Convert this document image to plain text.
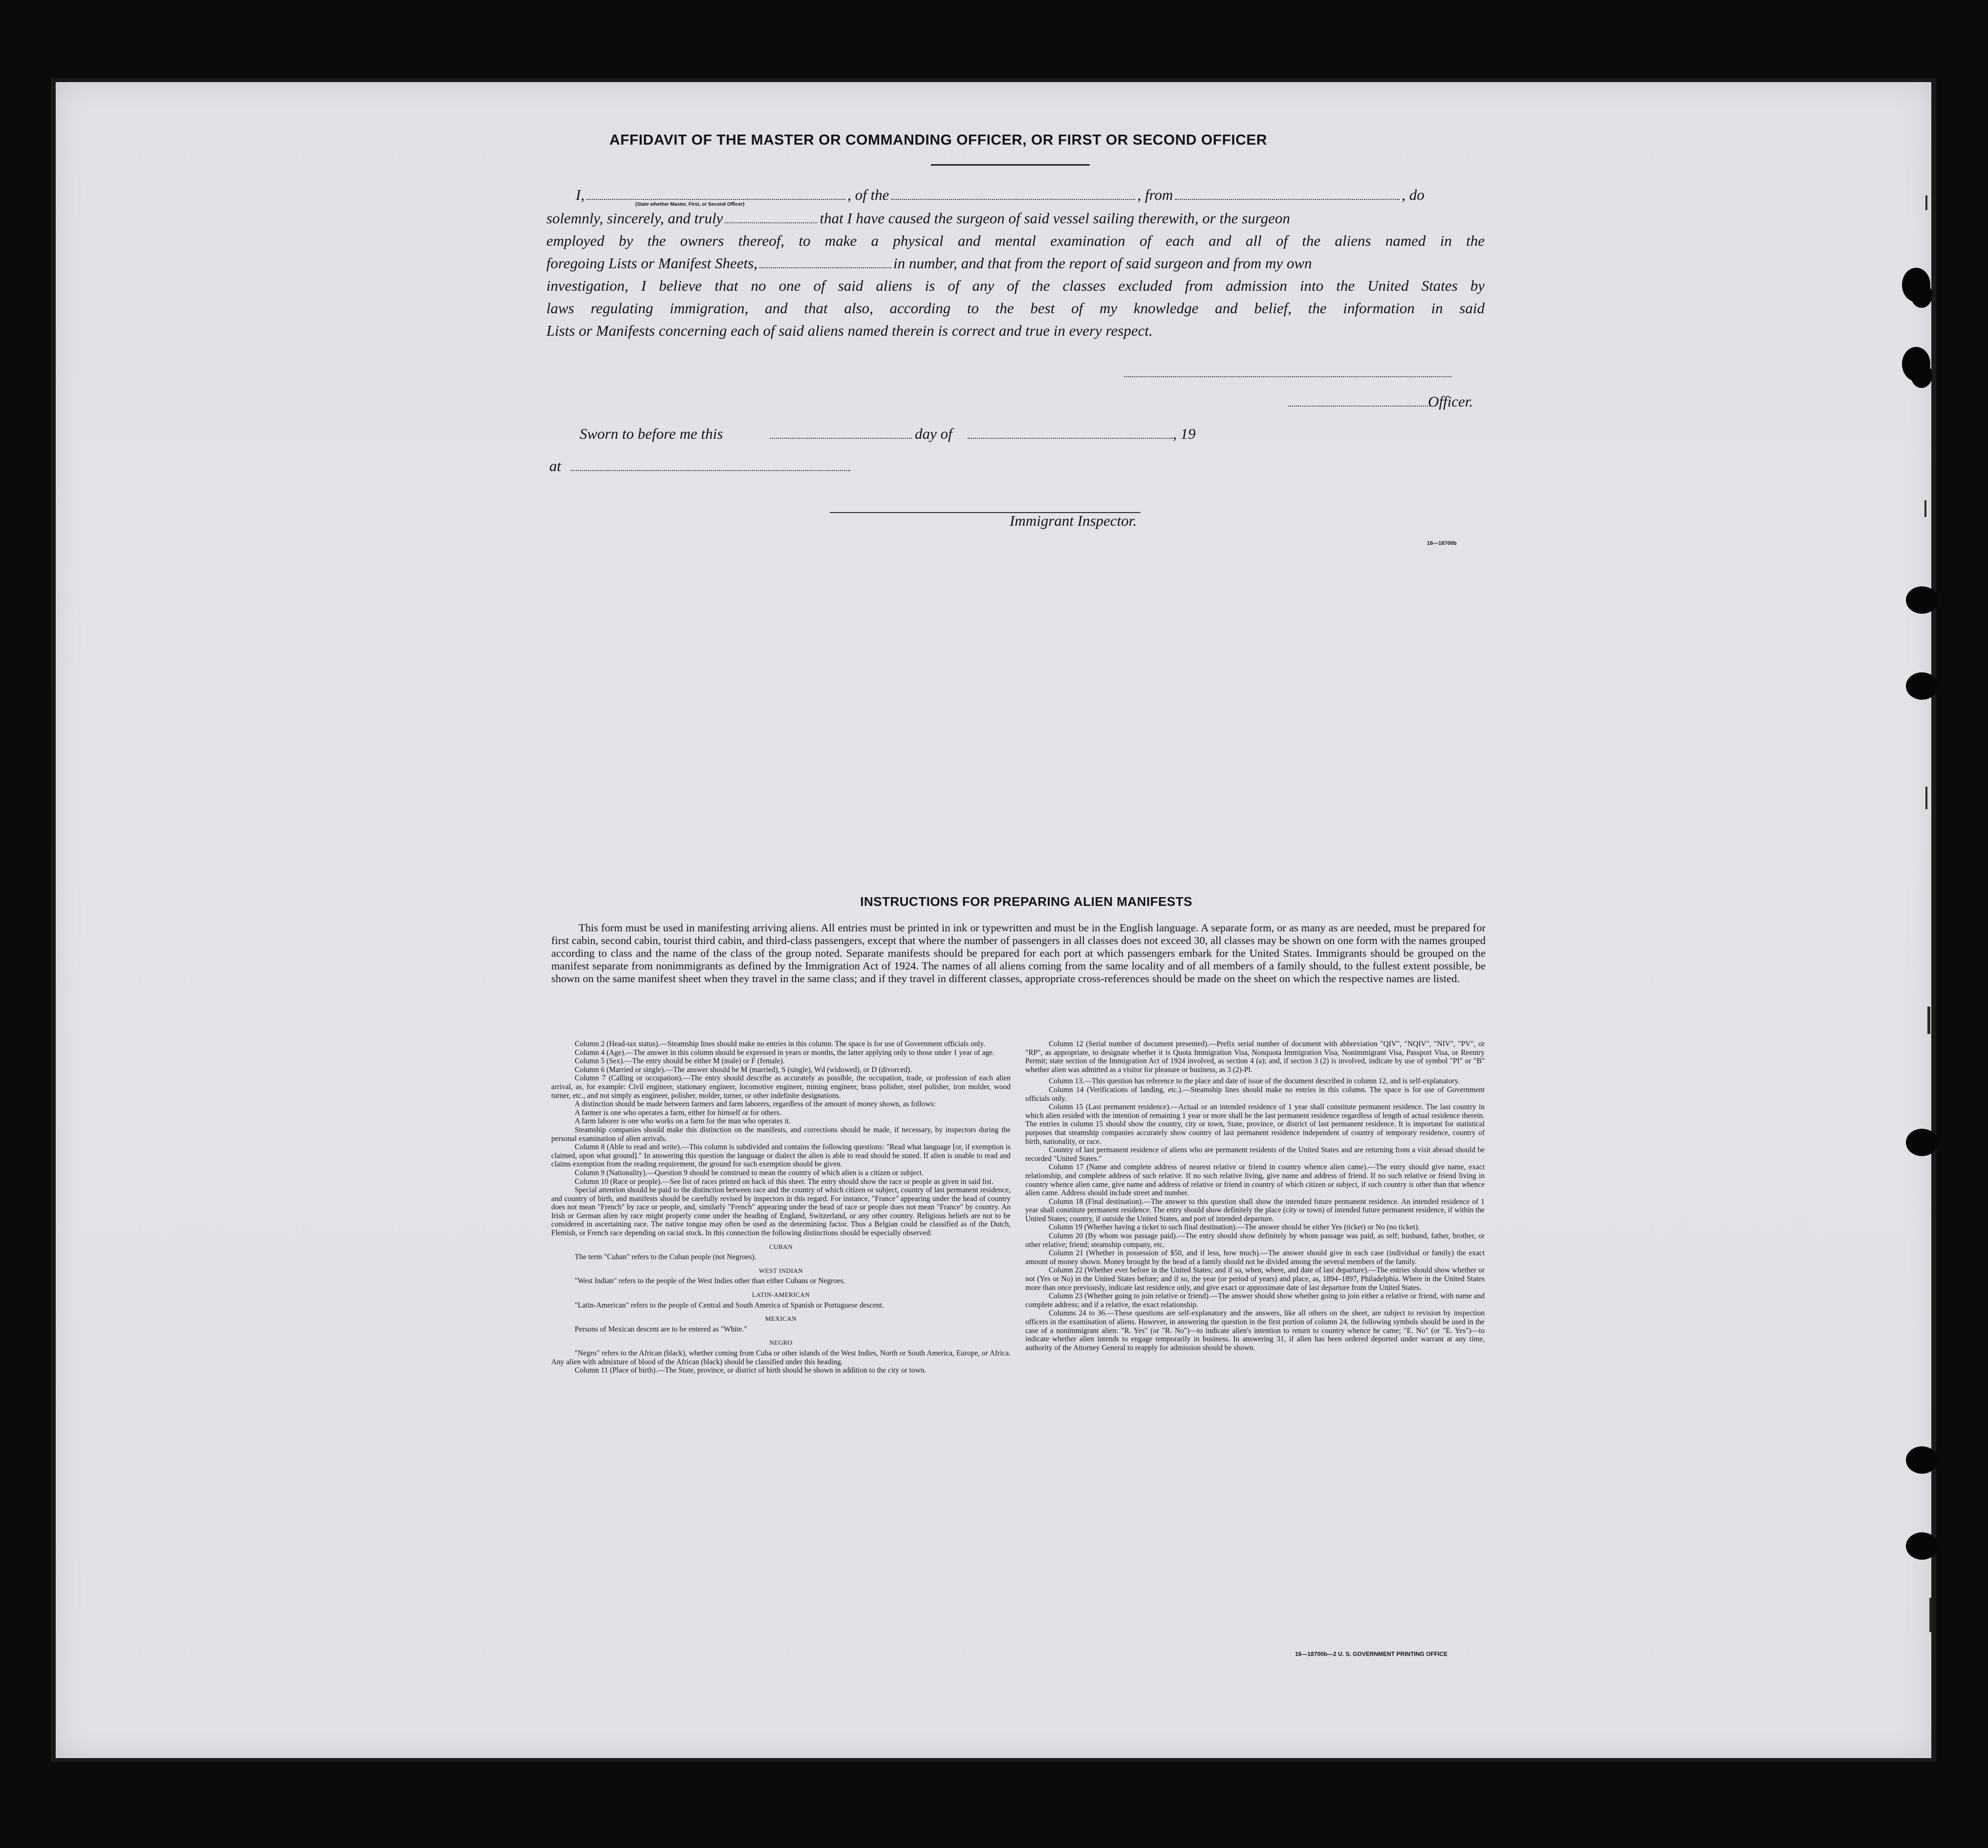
AFFIDAVIT OF THE MASTER OR COMMANDING OFFICER, OR FIRST OR SECOND OFFICER
I,	, of the	, from	, do
(State whether Master, First, or Second Officer)
solemnly, sincerely, and truly	that I have caused the surgeon of said vessel sailing therewith, or the surgeon
employed by the owners thereof, to make a physical and mental examination of each and all of the aliens named in the
foregoing Lists or Manifest Sheets,	in number, and that from the report of said surgeon and from my own
investigation, I believe that no one of said aliens is of any of the classes excluded from admission into the United States by
laws regulating immigration, and that also, according to the best of my knowledge and belief, the information in said
Lists or Manifests concerning each of said aliens named therein is correct and true in every respect.
Officer.
Sworn to before me this	day of	, 19
at
Immigrant Inspector.
16—18700b
INSTRUCTIONS FOR PREPARING ALIEN MANIFESTS

This form must be used in manifesting arriving aliens. All entries must be printed in ink or typewritten and must be in the English language. A separate form, or as many as are needed, must be prepared for first cabin, second cabin, tourist third cabin, and third-class passengers, except that where the number of passengers in all classes does not exceed 30, all classes may be shown on one form with the names grouped according to class and the name of the class of the group noted. Separate manifests should be prepared for each port at which passengers embark for the United States. Immigrants should be grouped on the manifest separate from nonimmigrants as defined by the Immigration Act of 1924. The names of all aliens coming from the same locality and of all members of a family should, to the fullest extent possible, be shown on the same manifest sheet when they travel in the same class; and if they travel in different classes, appropriate cross-references should be made on the sheet on which the respective names are listed.

Column 2 (Head-tax status).—Steamship lines should make no entries in this column. The space is for use of Government officials only.

Column 4 (Age).—The answer in this column should be expressed in years or months, the latter applying only to those under 1 year of age.

Column 5 (Sex).—The entry should be either M (male) or F (female).

Column 6 (Married or single).—The answer should be M (married), S (single), Wd (widowed), or D (divorced).

Column 7 (Calling or occupation).—The entry should describe as accurately as possible, the occupation, trade, or profession of each alien arrival, as, for example: Civil engineer, stationary engineer, locomotive engineer, mining engineer, brass polisher, steel polisher, iron molder, wood turner, etc., and not simply as engineer, polisher, molder, turner, or other indefinite designations.

A distinction should be made between farmers and farm laborers, regardless of the amount of money shown, as follows:

A farmer is one who operates a farm, either for himself or for others.

A farm laborer is one who works on a farm for the man who operates it.

Steamship companies should make this distinction on the manifests, and corrections should be made, if necessary, by inspectors during the personal examination of alien arrivals.

Column 8 (Able to read and write).—This column is subdivided and contains the following questions: "Read what language [or, if exemption is claimed, upon what ground]." In answering this question the language or dialect the alien is able to read should be stated. If alien is unable to read and claims exemption from the reading requirement, the ground for such exemption should be given.

Column 9 (Nationality).—Question 9 should be construed to mean the country of which alien is a citizen or subject.

Column 10 (Race or people).—See list of races printed on back of this sheet. The entry should show the race or people as given in said list.

Special attention should be paid to the distinction between race and the country of which citizen or subject, country of last permanent residence, and country of birth, and manifests should be carefully revised by inspectors in this regard. For instance, "France" appearing under the head of country does not mean "French" by race or people, and, similarly "French" appearing under the head of race or people does not mean "France" by country. An Irish or German alien by race might properly come under the heading of England, Switzerland, or any other country. Religious beliefs are not to be considered in ascertaining race. The native tongue may often be used as the determining factor. Thus a Belgian could be classified as of the Dutch, Flemish, or French race depending on racial stock. In this connection the following distinctions should be especially observed:

CUBAN

The term "Cuban" refers to the Cuban people (not Negroes).

WEST INDIAN

"West Indian" refers to the people of the West Indies other than either Cubans or Negroes.

LATIN-AMERICAN

"Latin-American" refers to the people of Central and South America of Spanish or Portuguese descent.

MEXICAN

Persons of Mexican descent are to be entered as "White."

NEGRO

"Negro" refers to the African (black), whether coming from Cuba or other islands of the West Indies, North or South America, Europe, or Africa. Any alien with admixture of blood of the African (black) should be classified under this heading.

Column 11 (Place of birth).—The State, province, or district of birth should be shown in addition to the city or town.

Column 12 (Serial number of document presented).—Prefix serial number of document with abbreviation "QIV", "NQIV", "NIV", "PV", or "RP", as appropriate, to designate whether it is Quota Immigration Visa, Nonquota Immigration Visa, Nonimmigrant Visa, Passport Visa, or Reentry Permit; state section of the Immigration Act of 1924 involved, as section 4 (a); and, if section 3 (2) is involved, indicate by use of symbol "PI" or "B" whether alien was admitted as a visitor for pleasure or business, as 3 (2)-Pl.

Column 13.—This question has reference to the place and date of issue of the document described in column 12, and is self-explanatory.

Column 14 (Verifications of landing, etc.).—Steamship lines should make no entries in this column. The space is for use of Government officials only.

Column 15 (Last permanent residence).—Actual or an intended residence of 1 year shall constitute permanent residence. The last country in which alien resided with the intention of remaining 1 year or more shall be the last permanent residence regardless of length of actual residence therein. The entries in column 15 should show the country, city or town, State, province, or district of last permanent residence. It is important for statistical purposes that steamship companies accurately show country of last permanent residence independent of country of temporary residence, country of birth, nationality, or race.

Country of last permanent residence of aliens who are permanent residents of the United States and are returning from a visit abroad should be recorded "United States."

Column 17 (Name and complete address of nearest relative or friend in country whence alien came).—The entry should give name, exact relationship, and complete address of such relative. If no such relative living, give name and address of friend. If no such relative or friend living in country whence alien came, give name and address of relative or friend in country of which citizen or subject, if such country is other than that whence alien came. Address should include street and number.

Column 18 (Final destination).—The answer to this question shall show the intended future permanent residence. An intended residence of 1 year shall constitute permanent residence. The entry should show definitely the place (city or town) of intended future permanent residence, if within the United States; country, if outside the United States, and port of intended departure.

Column 19 (Whether having a ticket to such final destination).—The answer should be either Yes (ticket) or No (no ticket).

Column 20 (By whom was passage paid).—The entry should show definitely by whom passage was paid, as self; husband, father, brother, or other relative; friend; steamship company, etc.

Column 21 (Whether in possession of $50, and if less, how much).—The answer should give in each case (individual or family) the exact amount of money shown. Money brought by the head of a family should not be divided among the several members of the family.

Column 22 (Whether ever before in the United States; and if so, when, where, and date of last departure).—The entries should show whether or not (Yes or No) in the United States before; and if so, the year (or period of years) and place, as, 1894–1897, Philadelphia. Where in the United States more than once previously, indicate last residence only, and give exact or approximate date of last departure from the United States.

Column 23 (Whether going to join relative or friend).—The answer should show whether going to join either a relative or friend, with name and complete address; and if a relative, the exact relationship.

Columns 24 to 36.—These questions are self-explanatory and the answers, like all others on the sheet, are subject to revision by inspection officers in the examination of aliens. However, in answering the question in the first portion of column 24, the following symbols should be used in the case of a nonimmigrant alien: "R. Yes" (or "R. No")—to indicate alien's intention to return to country whence he came; "E. No" (or "E. Yes")—to indicate whether alien intends to engage temporarily in business. In answering 31, if alien has been ordered deported under warrant at any time, authority of the Attorney General to reapply for admission should be shown.

16—18700b—2 U. S. GOVERNMENT PRINTING OFFICE
